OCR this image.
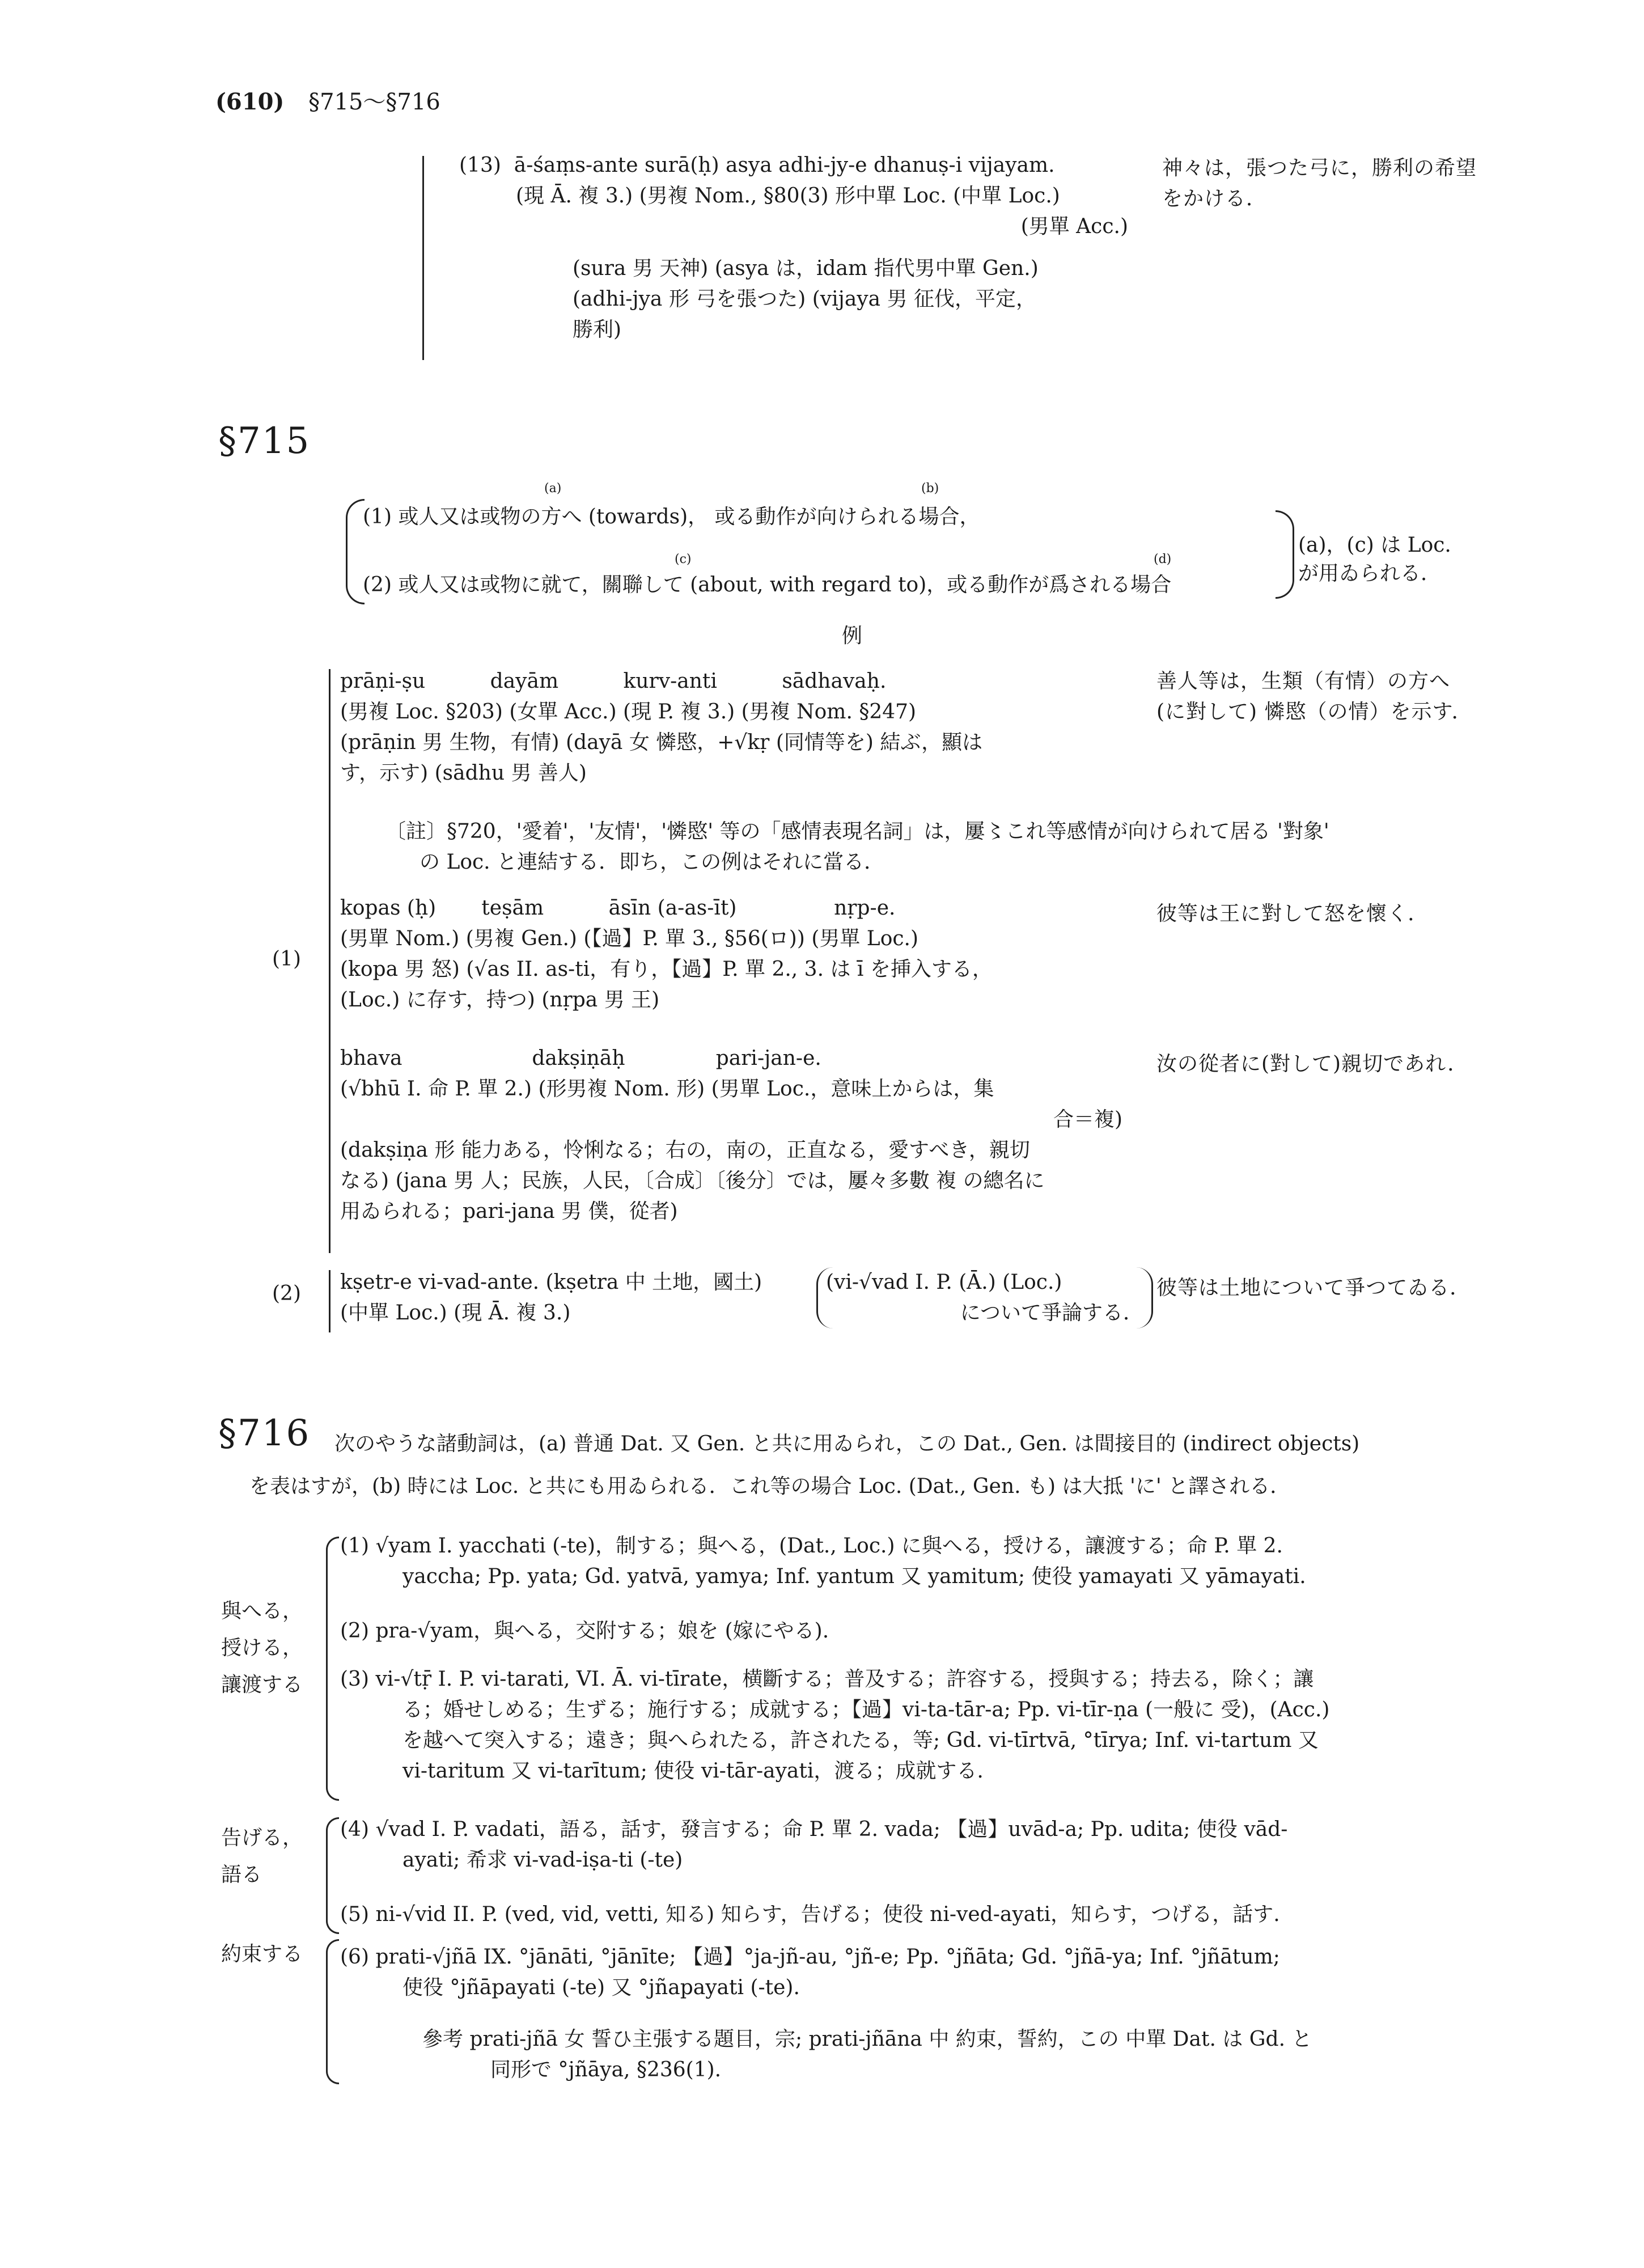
(610) §715〜§716
(13) ā-śaṃs-ante surā(ḥ) asya adhi-jy-e dhanuṣ-i vijayam.
(現 Ā. 複 3.) (男複 Nom., §80(3) 形中單 Loc. (中單 Loc.)
(男單 Acc.)
(sura 男 天神) (asya は，idam 指代男中單 Gen.)
(adhi-jya 形 弓を張つた) (vijaya 男 征伐，平定，
勝利)
神々は，張つた弓に，勝利の希望をかける．
§715
(a)	(b)
(c)	(d)
(1) 或人又は或物の方へ (towards)， 或る動作が向けられる場合，
(2) 或人又は或物に就て，關聯して (about, with regard to)，或る動作が爲される場合
(a)，(c) は Loc.
が用ゐられる．
例
(1)
prāṇi-ṣu          dayām          kurv-anti          sādhavaḥ.
(男複 Loc. §203) (女單 Acc.) (現 P. 複 3.) (男複 Nom. §247)
(prāṇin 男 生物，有情) (dayā 女 憐愍，+√kṛ (同情等を) 結ぶ，顯は
す，示す) (sādhu 男 善人)
善人等は，生類（有情）の方へ
(に對して) 憐愍（の情）を示す．
〔註〕§720，'愛着'，'友情'，'憐愍' 等の「感情表現名詞」は，屢〻これ等感情が向けられて居る '對象'
の Loc. と連結する．即ち，この例はそれに當る．
kopas (ḥ)       teṣām          āsīn (a-as-īt)               nṛp-e.
(男單 Nom.) (男複 Gen.) (【過】P. 單 3., §56(ロ)) (男單 Loc.)
(kopa 男 怒) (√as II. as-ti，有り，【過】P. 單 2., 3. は ī を挿入する，
(Loc.) に存す，持つ) (nṛpa 男 王)
彼等は王に對して怒を懷く．
bhava                    dakṣiṇāḥ              pari-jan-e.
(√bhū I. 命 P. 單 2.) (形男複 Nom. 形) (男單 Loc.，意味上からは，集
合＝複)
(dakṣiṇa 形 能力ある，怜悧なる；右の，南の，正直なる，愛すべき，親切
なる) (jana 男 人；民族，人民，〔合成〕〔後分〕では，屢々多數 複 の總名に
用ゐられる；pari-jana 男 僕，從者)
汝の從者に(對して)親切であれ．
(2) kṣetr-e vi-vad-ante. (kṣetra 中 土地，國土)
(中單 Loc.) (現 Ā. 複 3.)
(vi-√vad I. P. (Ā.) (Loc.)
について爭論する．
彼等は土地について爭つてゐる．
§716 次のやうな諸動詞は，(a) 普通 Dat. 又 Gen. と共に用ゐられ，この Dat., Gen. は間接目的 (indirect objects)
を表はすが，(b) 時には Loc. と共にも用ゐられる．これ等の場合 Loc. (Dat., Gen. も) は大抵 'に' と譯される．
與へる，
授ける，
讓渡する
告げる，
語る
約束する
(1) √yam I. yacchati (-te)，制する；與へる，(Dat., Loc.) に與へる，授ける，讓渡する；命 P. 單 2.
yaccha; Pp. yata; Gd. yatvā, yamya; Inf. yantum 又 yamitum; 使役 yamayati 又 yāmayati.
(2) pra-√yam，與へる，交附する；娘を (嫁にやる).
(3) vi-√tṝ I. P. vi-tarati, VI. Ā. vi-tīrate，横斷する；普及する；許容する，授與する；持去る，除く；讓
る；婚せしめる；生ずる；施行する；成就する；【過】vi-ta-tār-a; Pp. vi-tīr-ṇa (一般に 受)，(Acc.)
を越へて突入する；遠き；與へられたる，許されたる，等; Gd. vi-tīrtvā, °tīrya; Inf. vi-tartum 又
vi-taritum 又 vi-tarītum; 使役 vi-tār-ayati，渡る；成就する.
(4) √vad I. P. vadati，語る，話す，發言する；命 P. 單 2. vada; 【過】uvād-a; Pp. udita; 使役 vād-
ayati; 希求 vi-vad-iṣa-ti (-te)
(5) ni-√vid II. P. (ved, vid, vetti, 知る) 知らす，告げる；使役 ni-ved-ayati，知らす，つげる，話す.
(6) prati-√jñā IX. °jānāti, °jānīte; 【過】°ja-jñ-au, °jñ-e; Pp. °jñāta; Gd. °jñā-ya; Inf. °jñātum;
使役 °jñāpayati (-te) 又 °jñapayati (-te).
參考 prati-jñā 女 誓ひ主張する題目，宗; prati-jñāna 中 約束，誓約，この 中單 Dat. は Gd. と
同形で °jñāya, §236(1).
